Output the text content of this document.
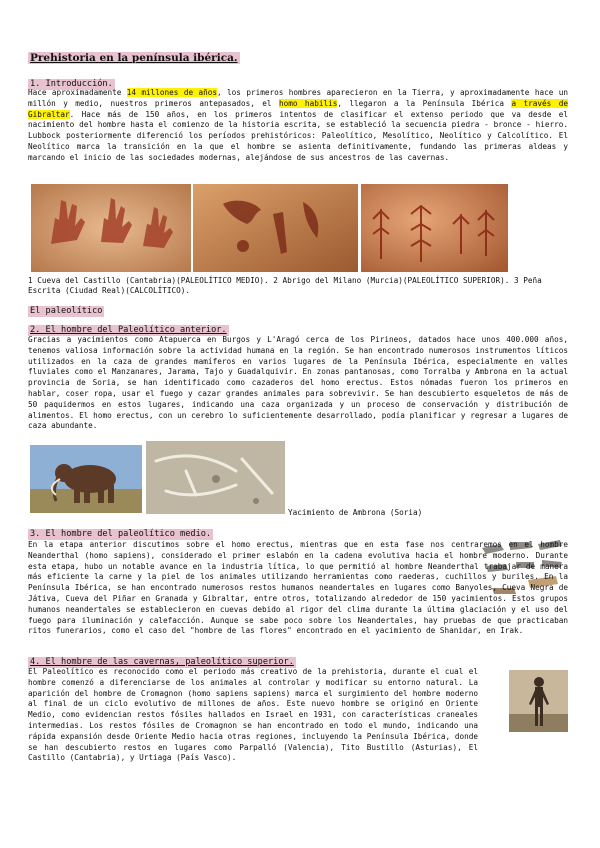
Prehistoria en la península ibérica.
1. Introducción.

Hace aproximadamente 14 millones de años, los primeros hombres aparecieron en la Tierra, y aproximadamente hace un millón y medio, nuestros primeros antepasados, el homo habilis, llegaron a la Península Ibérica a través de Gibraltar. Hace más de 150 años, en los primeros intentos de clasificar el extenso periodo que va desde el nacimiento del hombre hasta el comienzo de la historia escrita, se estableció la secuencia piedra - bronce - hierro. Lubbock posteriormente diferenció los períodos prehistóricos: Paleolítico, Mesolítico, Neolítico y Calcolítico. El Neolítico marca la transición en la que el hombre se asienta definitivamente, fundando las primeras aldeas y marcando el inicio de las sociedades modernas, alejándose de sus ancestros de las cavernas.

1 Cueva del Castillo (Cantabria)(PALEOLÍTICO MEDIO). 2 Abrigo del Milano (Murcia)(PALEOLÍTICO SUPERIOR). 3 Peña Escrita (Ciudad Real)(CALCOLÍTICO).

El paleolítico
2. El hombre del Paleolítico anterior.

Gracias a yacimientos como Atapuerca en Burgos y L'Aragó cerca de los Pirineos, datados hace unos 400.000 años, tenemos valiosa información sobre la actividad humana en la región. Se han encontrado numerosos instrumentos líticos utilizados en la caza de grandes mamíferos en varios lugares de la Península Ibérica, especialmente en valles fluviales como el Manzanares, Jarama, Tajo y Guadalquivir. En zonas pantanosas, como Torralba y Ambrona en la actual provincia de Soria, se han identificado como cazaderos del homo erectus. Estos nómadas fueron los primeros en hablar, coser ropa, usar el fuego y cazar grandes animales para sobrevivir. Se han descubierto esqueletos de más de 50 paquidermos en estos lugares, indicando una caza organizada y un proceso de conservación y distribución de alimentos. El homo erectus, con un cerebro lo suficientemente desarrollado, podía planificar y regresar a lugares de caza abundante.

Yacimiento de Ambrona (Soria)
3. El hombre del paleolítico medio.

En la etapa anterior discutimos sobre el homo erectus, mientras que en esta fase nos centraremos en el hombre Neanderthal (homo sapiens), considerado el primer eslabón en la cadena evolutiva hacia el hombre moderno. Durante esta etapa, hubo un notable avance en la industria lítica, lo que permitió al hombre Neanderthal trabajar de manera más eficiente la carne y la piel de los animales utilizando herramientas como raederas, cuchillos y buriles. En la Península Ibérica, se han encontrado numerosos restos humanos neandertales en lugares como Banyoles, Cueva Negra de Játiva, Cueva del Piñar en Granada y Gibraltar, entre otros, totalizando alrededor de 150 yacimientos. Estos grupos humanos neandertales se establecieron en cuevas debido al rigor del clima durante la última glaciación y el uso del fuego para iluminación y calefacción. Aunque se sabe poco sobre los Neandertales, hay pruebas de que practicaban ritos funerarios, como el caso del "hombre de las flores" encontrado en el yacimiento de Shanidar, en Irak.

4. El hombre de las cavernas, paleolítico superior.

El Paleolítico es reconocido como el periodo más creativo de la prehistoria, durante el cual el hombre comenzó a diferenciarse de los animales al controlar y modificar su entorno natural. La aparición del hombre de Cromagnon (homo sapiens sapiens) marca el surgimiento del hombre moderno al final de un ciclo evolutivo de millones de años. Este nuevo hombre se originó en Oriente Medio, como evidencian restos fósiles hallados en Israel en 1931, con características craneales intermedias. Los restos fósiles de Cromagnon se han encontrado en todo el mundo, indicando una rápida expansión desde Oriente Medio hacia otras regiones, incluyendo la Península Ibérica, donde se han descubierto restos en lugares como Parpalló (Valencia), Tito Bustillo (Asturias), El Castillo (Cantabria), y Urtiaga (País Vasco).
